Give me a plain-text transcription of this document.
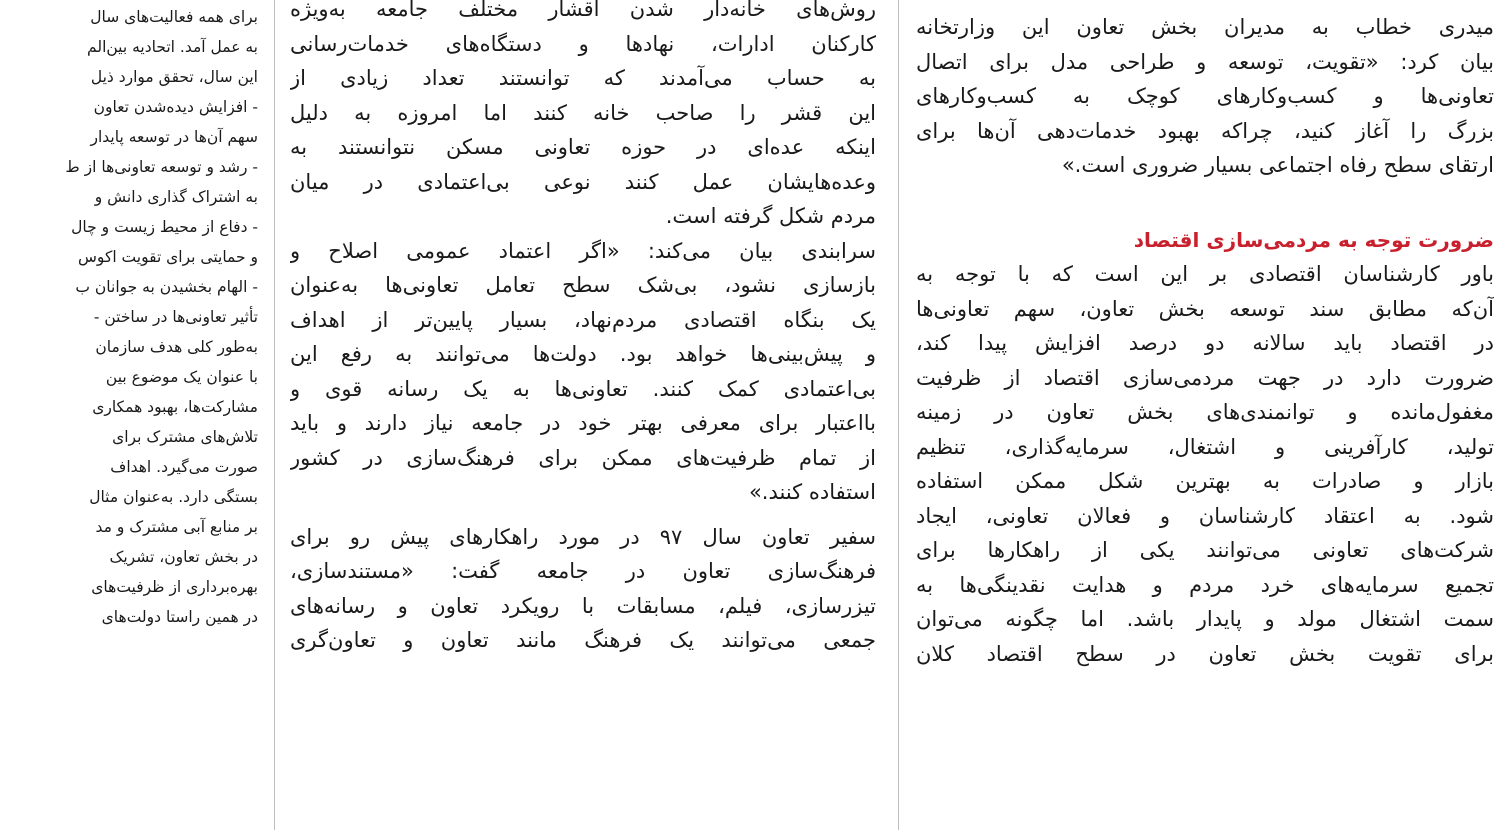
میدری خطاب به مدیران بخش تعاون این وزارتخانه
بیان کرد: «تقویت، توسعه و طراحی مدل برای اتصال
تعاونی‌ها و کسب‌وکارهای کوچک به کسب‌وکارهای
بزرگ را آغاز کنید، چراکه بهبود خدمات‌دهی آن‌ها برای
ارتقای سطح رفاه اجتماعی بسیار ضروری است.»
ضرورت توجه به مردمی‌سازی اقتصاد
باور کارشناسان اقتصادی بر این است که با توجه به
آن‌که مطابق سند توسعه بخش تعاون، سهم تعاونی‌ها
در اقتصاد باید سالانه دو درصد افزایش پیدا کند،
ضرورت دارد در جهت مردمی‌سازی اقتصاد از ظرفیت
مغفول‌مانده و توانمندی‌های بخش تعاون در زمینه
تولید، کارآفرینی و اشتغال، سرمایه‌گذاری، تنظیم
بازار و صادرات به بهترین شکل ممکن استفاده
شود. به اعتقاد کارشناسان و فعالان تعاونی، ایجاد
شرکت‌های تعاونی می‌توانند یکی از راهکارها برای
تجمیع سرمایه‌های خرد مردم و هدایت نقدینگی‌ها به
سمت اشتغال مولد و پایدار باشد. اما چگونه می‌توان
برای تقویت بخش تعاون در سطح اقتصاد کلان
روش‌های خانه‌دار شدن اقشار مختلف جامعه به‌ویژه
کارکنان ادارات، نهادها و دستگاه‌های خدمات‌رسانی
به حساب می‌آمدند که توانستند تعداد زیادی از
این قشر را صاحب خانه کنند اما امروزه به دلیل
اینکه عده‌ای در حوزه تعاونی مسکن نتوانستند به
وعده‌هایشان عمل کنند نوعی بی‌اعتمادی در میان
مردم شکل گرفته است.
سرابندی بیان می‌کند: «اگر اعتماد عمومی اصلاح و
بازسازی نشود، بی‌شک سطح تعامل تعاونی‌ها به‌عنوان
یک بنگاه اقتصادی مردم‌نهاد، بسیار پایین‌تر از اهداف
و پیش‌بینی‌ها خواهد بود. دولت‌ها می‌توانند به رفع این
بی‌اعتمادی کمک کنند. تعاونی‌ها به یک رسانه قوی و
بااعتبار برای معرفی بهتر خود در جامعه نیاز دارند و باید
از تمام ظرفیت‌های ممکن برای فرهنگ‌سازی در کشور
استفاده کنند.»
سفیر تعاون سال ۹۷ در مورد راهکارهای پیش رو برای
فرهنگ‌سازی تعاون در جامعه گفت: «مستندسازی،
تیزرسازی، فیلم، مسابقات با رویکرد تعاون و رسانه‌های
جمعی می‌توانند یک فرهنگ مانند تعاون و تعاون‌گری
برای همه فعالیت‌های سال
به عمل آمد. اتحادیه بین‌الم
این سال، تحقق موارد ذیل
- افزایش دیده‌شدن تعاون
سهم آن‌ها در توسعه پایدار
- رشد و توسعه تعاونی‌ها از ط
به اشتراک گذاری دانش و
- دفاع از محیط زیست و چال
و حمایتی برای تقویت اکوس
- الهام بخشیدن به جوانان ب
تأثیر تعاونی‌ها در ساختن -
به‌طور کلی هدف سازمان
با عنوان یک موضوع بین
مشارکت‌ها، بهبود همکاری
تلاش‌های مشترک برای
صورت می‌گیرد. اهداف
بستگی دارد. به‌عنوان مثال
بر منابع آبی مشترک و مد
در بخش تعاون، تشریک
بهره‌برداری از ظرفیت‌های
در همین راستا دولت‌های
